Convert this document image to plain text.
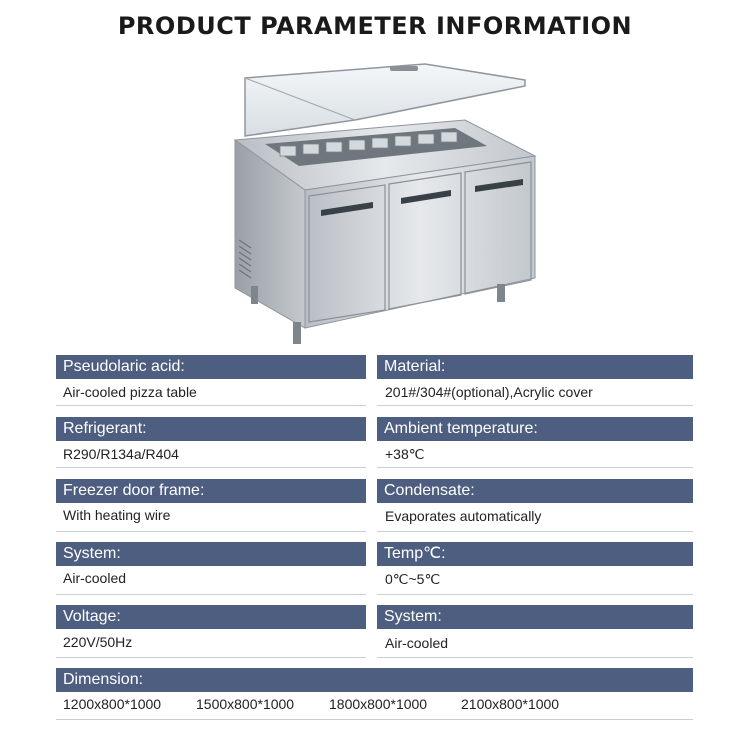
PRODUCT PARAMETER INFORMATION
Pseudolaric acid:
Air-cooled pizza table
Material:
201#/304#(optional),Acrylic cover
Refrigerant:
R290/R134a/R404
Ambient temperature:
+38℃
Freezer door frame:
With heating wire
Condensate:
Evaporates automatically
System:
Air-cooled
Temp℃:
0℃~5℃
Voltage:
220V/50Hz
System:
Air-cooled
Dimension:
1200x800*1000	1500x800*1000	1800x800*1000	2100x800*1000
